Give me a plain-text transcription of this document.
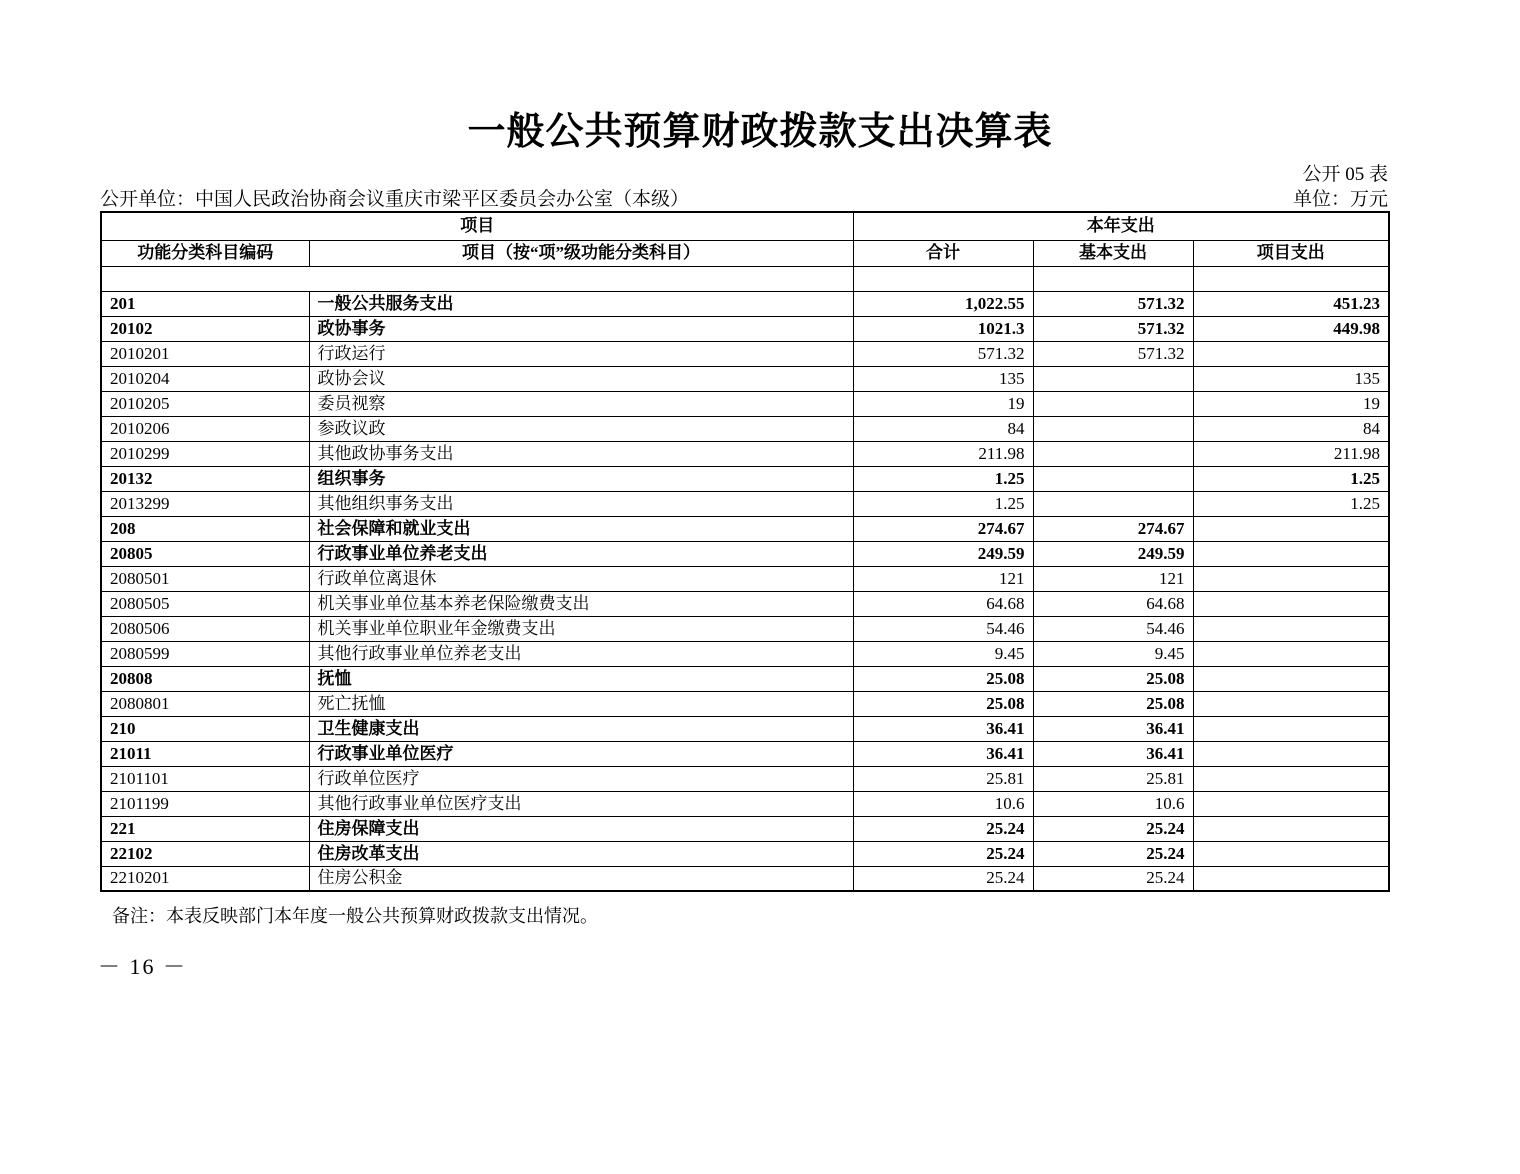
一般公共预算财政拨款支出决算表
公开 05 表
公开单位：中国人民政治协商会议重庆市梁平区委员会办公室（本级）	单位：万元
项目		本年支出		
功能分类科目编码	项目（按“项”级功能分类科目）	合计	基本支出	项目支出

201	一般公共服务支出	1,022.55	571.32	451.23
20102	政协事务	1021.3	571.32	449.98
2010201	行政运行	571.32	571.32	
2010204	政协会议	135		135
2010205	委员视察	19		19
2010206	参政议政	84		84
2010299	其他政协事务支出	211.98		211.98
20132	组织事务	1.25		1.25
2013299	其他组织事务支出	1.25		1.25
208	社会保障和就业支出	274.67	274.67	
20805	行政事业单位养老支出	249.59	249.59	
2080501	行政单位离退休	121	121	
2080505	机关事业单位基本养老保险缴费支出	64.68	64.68	
2080506	机关事业单位职业年金缴费支出	54.46	54.46	
2080599	其他行政事业单位养老支出	9.45	9.45	
20808	抚恤	25.08	25.08	
2080801	死亡抚恤	25.08	25.08	
210	卫生健康支出	36.41	36.41	
21011	行政事业单位医疗	36.41	36.41	
2101101	行政单位医疗	25.81	25.81	
2101199	其他行政事业单位医疗支出	10.6	10.6	
221	住房保障支出	25.24	25.24	
22102	住房改革支出	25.24	25.24	
2210201	住房公积金	25.24	25.24	
备注：本表反映部门本年度一般公共预算财政拨款支出情况。
－ 16 －
